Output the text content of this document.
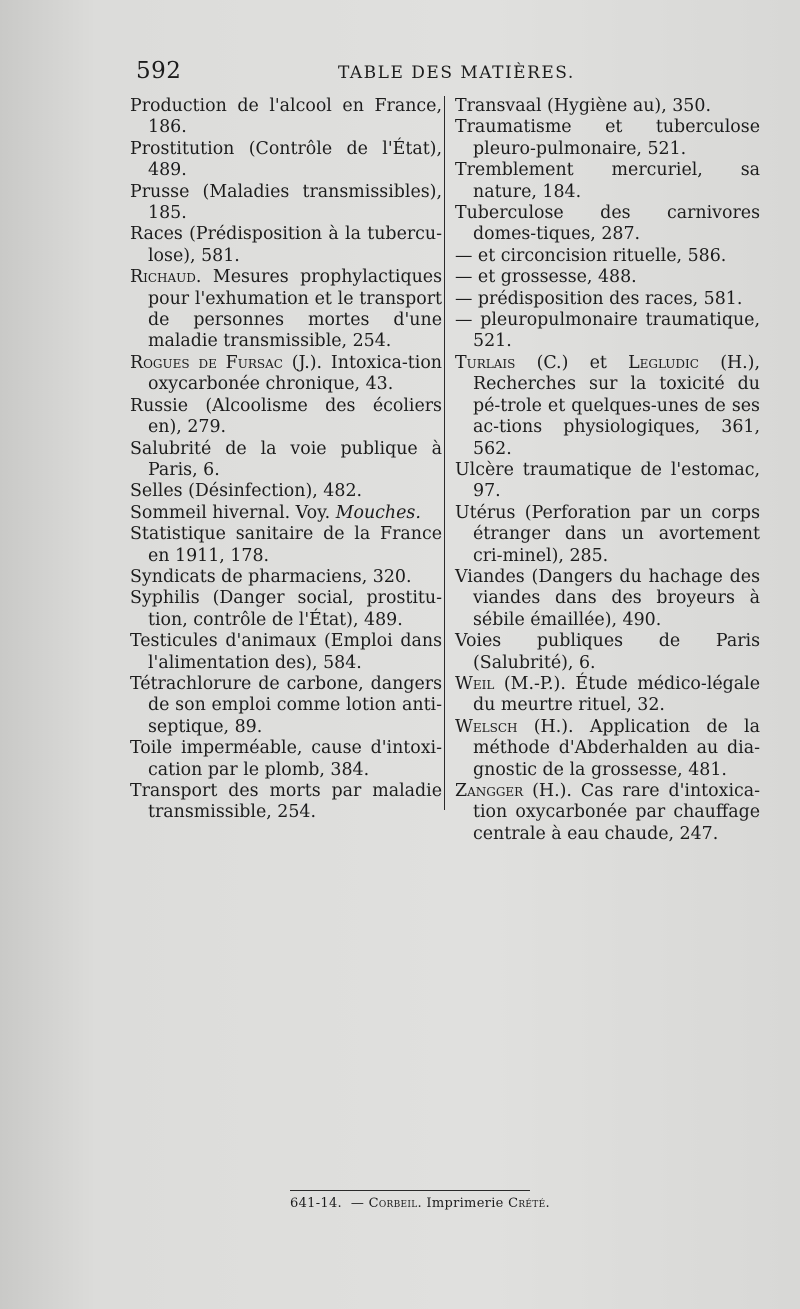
592	TABLE DES MATIÈRES.

Production de l'alcool en France, 186.

Prostitution (Contrôle de l'État), 489.

Prusse (Maladies transmissibles), 185.

Races (Prédisposition à la tubercu-lose), 581.

Richaud. Mesures prophylactiques pour l'exhumation et le transport de personnes mortes d'une maladie transmissible, 254.

Rogues de Fursac (J.). Intoxica-tion oxycarbonée chronique, 43.

Russie (Alcoolisme des écoliers en), 279.

Salubrité de la voie publique à Paris, 6.

Selles (Désinfection), 482.

Sommeil hivernal. Voy. Mouches.

Statistique sanitaire de la France en 1911, 178.

Syndicats de pharmaciens, 320.

Syphilis (Danger social, prostitu-tion, contrôle de l'État), 489.

Testicules d'animaux (Emploi dans l'alimentation des), 584.

Tétrachlorure de carbone, dangers de son emploi comme lotion anti-septique, 89.

Toile imperméable, cause d'intoxi-cation par le plomb, 384.

Transport des morts par maladie transmissible, 254.

Transvaal (Hygiène au), 350.

Traumatisme et tuberculose pleuro-pulmonaire, 521.

Tremblement mercuriel, sa nature, 184.

Tuberculose des carnivores domes-tiques, 287.

— et circoncision rituelle, 586.

— et grossesse, 488.

— prédisposition des races, 581.

— pleuropulmonaire traumatique, 521.

Turlais (C.) et Legludic (H.), Recherches sur la toxicité du pé-trole et quelques-unes de ses ac-tions physiologiques, 361, 562.

Ulcère traumatique de l'estomac, 97.

Utérus (Perforation par un corps étranger dans un avortement cri-minel), 285.

Viandes (Dangers du hachage des viandes dans des broyeurs à sébile émaillée), 490.

Voies publiques de Paris (Salubrité), 6.

Weil (M.-P.). Étude médico-légale du meurtre rituel, 32.

Welsch (H.). Application de la méthode d'Abderhalden au dia-gnostic de la grossesse, 481.

Zangger (H.). Cas rare d'intoxica-tion oxycarbonée par chauffage centrale à eau chaude, 247.

641-14. — Corbeil. Imprimerie Crété.
